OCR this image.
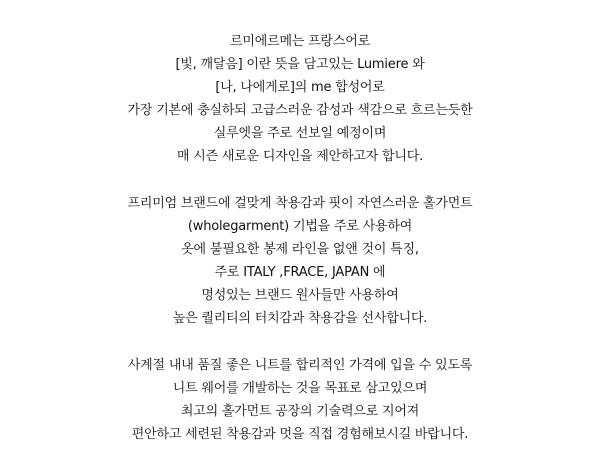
르미에르메는 프랑스어로
[빛, 깨달음] 이란 뜻을 담고있는 Lumiere 와
[나, 나에게로]의 me 합성어로
가장 기본에 충실하되 고급스러운 감성과 색감으로 흐르는듯한
실루엣을 주로 선보일 예정이며
매 시즌 새로운 디자인을 제안하고자 합니다.

프리미엄 브랜드에 걸맞게 착용감과 핏이 자연스러운 홀가먼트
(wholegarment) 기법을 주로 사용하여
옷에 불필요한 봉제 라인을 없앤 것이 특징,
주로 ITALY ,FRACE, JAPAN 에
명성있는 브랜드 원사들만 사용하여
높은 퀄리티의 터치감과 착용감을 선사합니다.

사계절 내내 품질 좋은 니트를 합리적인 가격에 입을 수 있도록
니트 웨어를 개발하는 것을 목표로 삼고있으며
최고의 홀가먼트 공장의 기술력으로 지어져
편안하고 세련된 착용감과 멋을 직접 경험해보시길 바랍니다.
